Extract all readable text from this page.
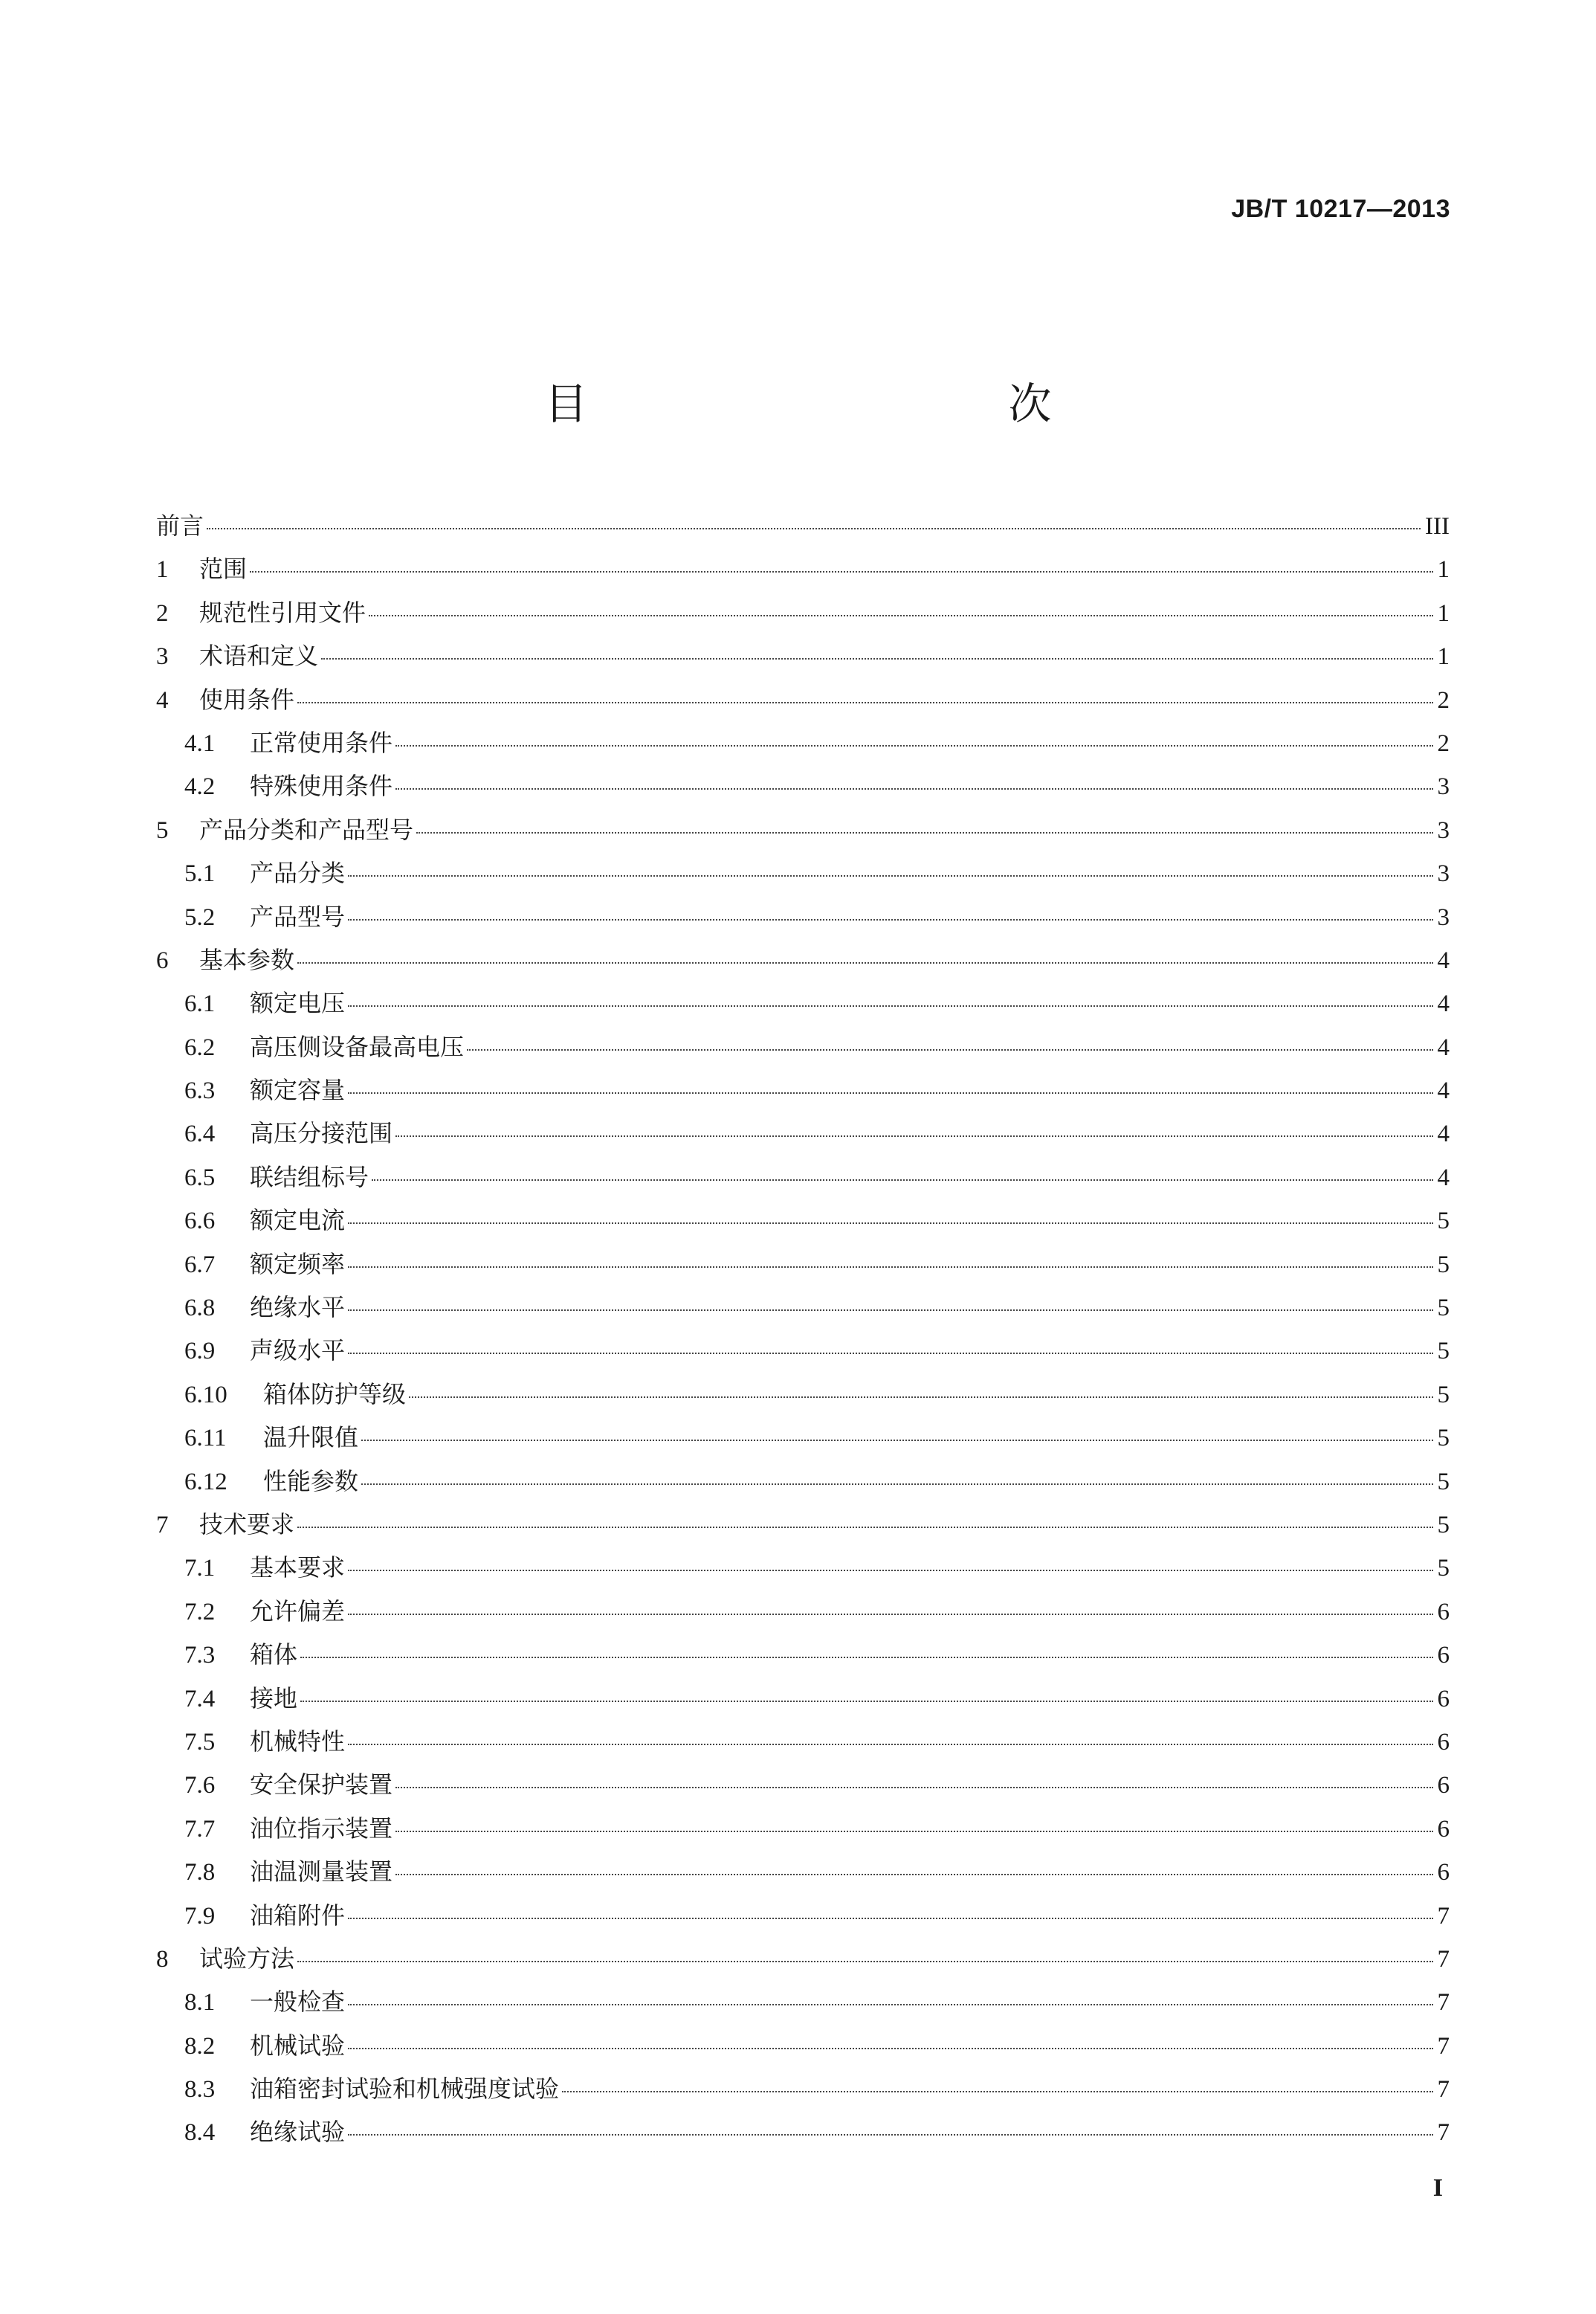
JB/T 10217—2013
目　　次
前言	III
1	范围	1
2	规范性引用文件	1
3	术语和定义	1
4	使用条件	2
4.1	正常使用条件	2
4.2	特殊使用条件	3
5	产品分类和产品型号	3
5.1	产品分类	3
5.2	产品型号	3
6	基本参数	4
6.1	额定电压	4
6.2	高压侧设备最高电压	4
6.3	额定容量	4
6.4	高压分接范围	4
6.5	联结组标号	4
6.6	额定电流	5
6.7	额定频率	5
6.8	绝缘水平	5
6.9	声级水平	5
6.10	箱体防护等级	5
6.11	温升限值	5
6.12	性能参数	5
7	技术要求	5
7.1	基本要求	5
7.2	允许偏差	6
7.3	箱体	6
7.4	接地	6
7.5	机械特性	6
7.6	安全保护装置	6
7.7	油位指示装置	6
7.8	油温测量装置	6
7.9	油箱附件	7
8	试验方法	7
8.1	一般检查	7
8.2	机械试验	7
8.3	油箱密封试验和机械强度试验	7
8.4	绝缘试验	7
I
